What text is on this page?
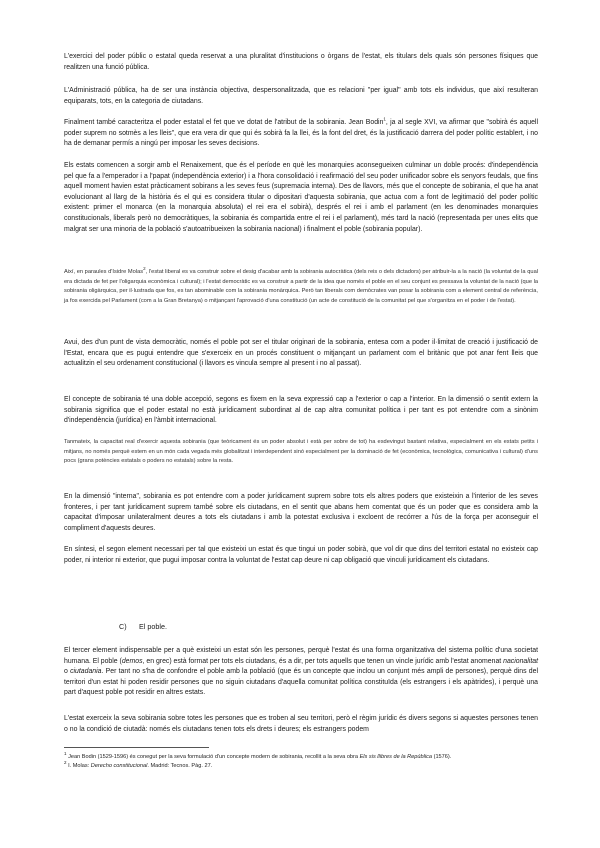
L'exercici del poder públic o estatal queda reservat a una pluralitat d'institucions o òrgans de l'estat, els titulars dels quals són persones físiques que realitzen una funció pública.

L'Administració pública, ha de ser una instància objectiva, despersonalitzada, que es relacioni "per igual" amb tots els individus, que així resulteran equiparats, tots, en la categoria de ciutadans.

Finalment també caracteritza el poder estatal el fet que ve dotat de l'atribut de la sobirania. Jean Bodin$^1$, ja al segle XVI, va afirmar que "sobirà és aquell poder suprem no sotmès a les lleis", que era vera dir que qui és sobirà fa la llei, és la font del dret, és la justificació darrera del poder polític establert, i no ha de demanar permís a ningú per imposar les seves decisions.

Els estats comencen a sorgir amb el Renaixement, que és el període en què les monarquies aconsegueixen culminar un doble procés: d'independència pel que fa a l'emperador i a l'papat (independència exterior) i a l'hora consolidació i reafirmació del seu poder unificador sobre els senyors feudals, que fins aquell moment havien estat pràcticament sobirans a les seves feus (supremacia interna). Des de llavors, més que el concepte de sobirania, el que ha anat evolucionant al llarg de la història és el qui es considera titular o dipositari d'aquesta sobirania, que actua com a font de legitimació del poder polític existent: primer el monarca (en la monarquia absoluta) el rei era el sobirà), després el rei i amb el parlament (en les denominades monarquies constitucionals, liberals però no democràtiques, la sobirania és compartida entre el rei i el parlament), més tard la nació (representada per unes elits que malgrat ser una minoria de la població s'autoatribueixen la sobirania nacional) i finalment el poble (sobirania popular).

Així, en paraules d'Isidre Molas$^2$, l'estat liberal es va construir sobre el desig d'acabar amb la sobirania autocràtica (dels reis o dels dictadors) per atribuir-la a la nació (la voluntat de la qual era dictada de fet per l'oligarquia econòmica i cultural); i l'estat democràtic es va construir a partir de la idea que només el poble en el seu conjunt es pressava la voluntat de la nació (que la sobirania oligàrquica, per il·lustrada que fos, es tan abominable com la sobirania monàrquica. Però tan liberals com demòcrates van posar la sobirania com a element central de referència, ja fos exercida pel Parlament (com a la Gran Bretanya) o mitjançant l'aprovació d'una constitució (un acte de constitució de la comunitat pel que s'organitza en el poder i de l'estat).

Avui, des d'un punt de vista democràtic, només el poble pot ser el titular originari de la sobirania, entesa com a poder il·limitat de creació i justificació de l'Estat, encara que es pugui entendre que s'exerceix en un procés constituent o mitjançant un parlament com el britànic que pot anar fent lleis que actualitzin el seu ordenament constitucional (i llavors es vincula sempre al present i no al passat).

El concepte de sobirania té una doble accepció, segons es fixem en la seva expressió cap a l'exterior o cap a l'interior. En la dimensió o sentit extern la sobirania significa que el poder estatal no està jurídicament subordinat al de cap altra comunitat política i per tant es pot entendre com a sinònim d'independència (jurídica) en l'àmbit internacional.

Tanmateix, la capacitat real d'exercir aquesta sobirania (que teòricament és un poder absolut i està per sobre de tot) ha esdevingut bastant relativa, especialment en els estats petits i mitjans, no només perquè estem en un món cada vegada més globalitzat i interdependent sinó especialment per la dominació de fet (econòmica, tecnològica, comunicativa i cultural) d'uns pocs (grans potències estatals o poders no estatals) sobre la resta.

En la dimensió "interna", sobirania es pot entendre com a poder jurídicament suprem sobre tots els altres poders que existeixin a l'interior de les seves fronteres, i per tant jurídicament suprem també sobre els ciutadans, en el sentit que abans hem comentat que és un poder que es considera amb la capacitat d'imposar unilateralment deures a tots els ciutadans i amb la potestat exclusiva i excloent de recórrer a l'ús de la força per aconseguir el compliment d'aquests deures.

En síntesi, el segon element necessari per tal que existeixi un estat és que tingui un poder sobirà, que vol dir que dins del territori estatal no existeix cap poder, ni interior ni exterior, que pugui imposar contra la voluntat de l'estat cap deure ni cap obligació que vinculi jurídicament els ciutadans.

C) El poble.

El tercer element indispensable per a què existeixi un estat són les persones, perquè l'estat és una forma organitzativa del sistema polític d'una societat humana. El poble (demos, en grec) està format per tots els ciutadans, és a dir, per tots aquells que tenen un vincle jurídic amb l'estat anomenat nacionalitat o ciutadania. Per tant no s'ha de confondre el poble amb la població (que és un concepte que inclou un conjunt més ampli de persones), perquè dins del territori d'un estat hi poden residir persones que no siguin ciutadans d'aquella comunitat política constituïda (els estrangers i els apàtrides), i perquè una part d'aquest poble pot residir en altres estats.

L'estat exerceix la seva sobirania sobre totes les persones que es troben al seu territori, però el règim jurídic és divers segons si aquestes persones tenen o no la condició de ciutadà: només els ciutadans tenen tots els drets i deures; els estrangers podem

$^1$ Jean Bodin (1529-1596) és conegut per la seva formulació d'un concepte modern de sobirania, recollit a la seva obra Els sis llibres de la República (1576).

$^2$ I. Molas: Derecho constitucional. Madrid: Tecnos. Pàg. 27.
